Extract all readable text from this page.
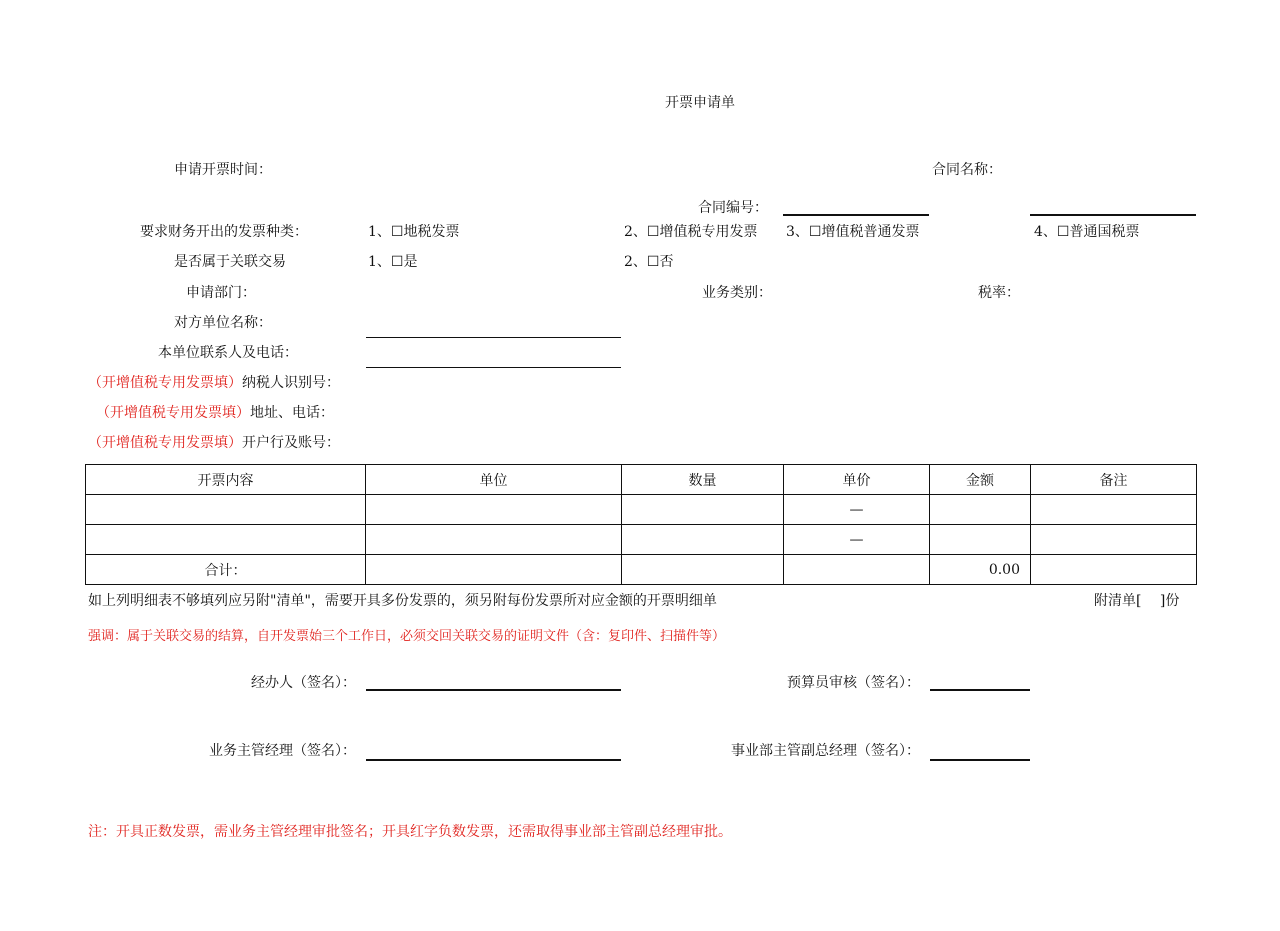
开票申请单
申请开票时间：	合同名称：
合同编号：
要求财务开出的发票种类：	1、☐地税发票	2、☐增值税专用发票 3、☐增值税普通发票	4、☐普通国税票
是否属于关联交易	1、☐是	2、☐否
申请部门：	业务类别：	税率：
对方单位名称：
本单位联系人及电话：
（开增值税专用发票填）纳税人识别号：
（开增值税专用发票填）地址、电话：
（开增值税专用发票填）开户行及账号：
开票内容	单位	数量	单价	金额	备注
			—		
			—		
合计：				0.00	
如上列明细表不够填列应另附"清单"，需要开具多份发票的，须另附每份发票所对应金额的开票明细单	附清单[　 ]份
强调：属于关联交易的结算，自开发票始三个工作日，必须交回关联交易的证明文件（含：复印件、扫描件等）
经办人（签名）：	预算员审核（签名）：
业务主管经理（签名）：	事业部主管副总经理（签名）：
注：开具正数发票，需业务主管经理审批签名；开具红字负数发票，还需取得事业部主管副总经理审批。
